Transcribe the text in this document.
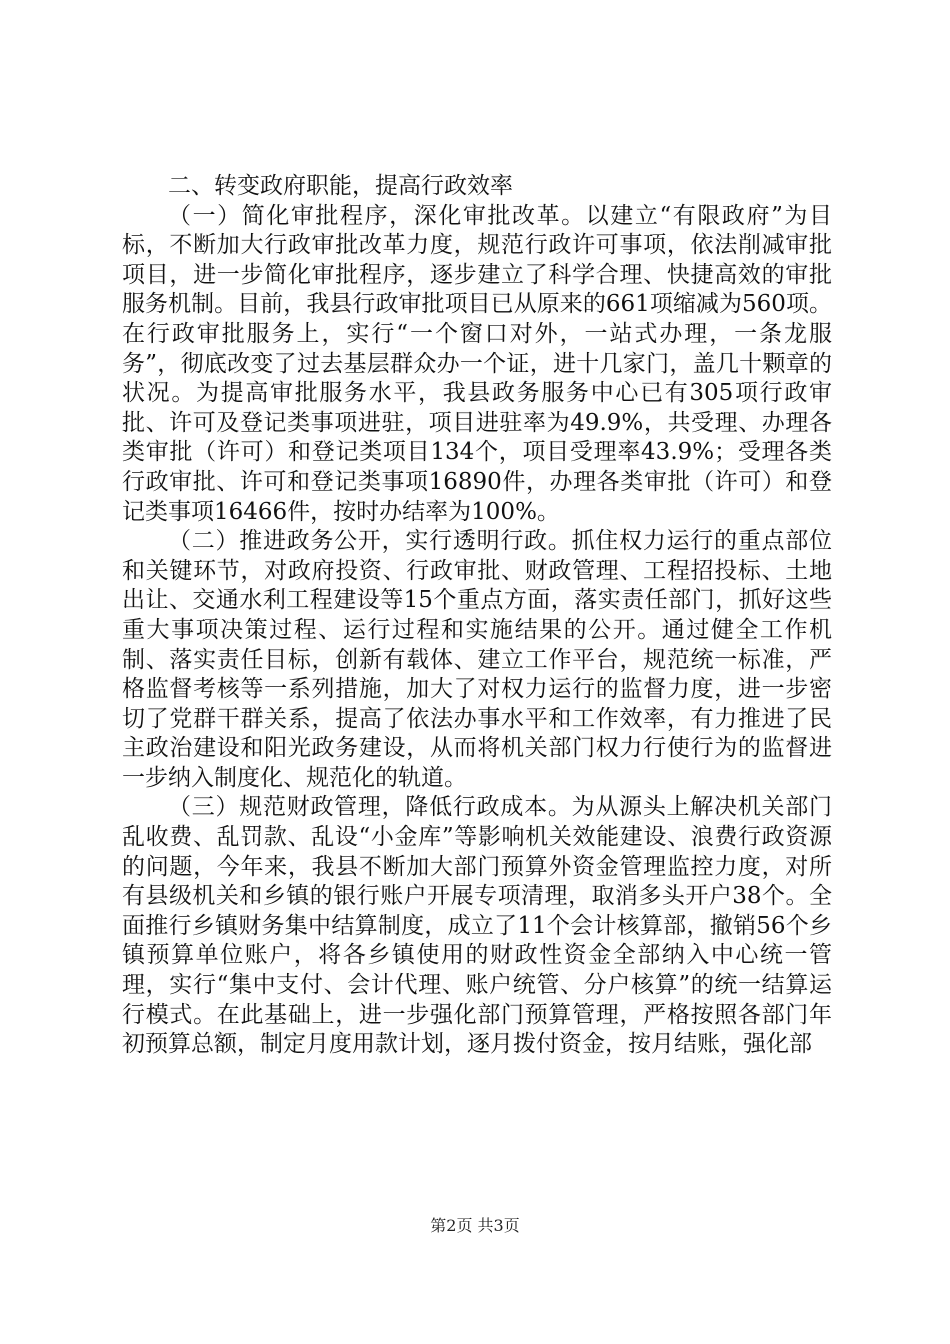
二、转变政府职能，提高行政效率

（一）简化审批程序，深化审批改革。以建立“有限政府”为目标，不断加大行政审批改革力度，规范行政许可事项，依法削减审批项目，进一步简化审批程序，逐步建立了科学合理、快捷高效的审批服务机制。目前，我县行政审批项目已从原来的661项缩减为560项。在行政审批服务上，实行“一个窗口对外，一站式办理，一条龙服务”，彻底改变了过去基层群众办一个证，进十几家门，盖几十颗章的状况。为提高审批服务水平，我县政务服务中心已有305项行政审批、许可及登记类事项进驻，项目进驻率为49.9%，共受理、办理各类审批（许可）和登记类项目134个，项目受理率43.9%；受理各类行政审批、许可和登记类事项16890件，办理各类审批（许可）和登记类事项16466件，按时办结率为100%。

（二）推进政务公开，实行透明行政。抓住权力运行的重点部位和关键环节，对政府投资、行政审批、财政管理、工程招投标、土地出让、交通水利工程建设等15个重点方面，落实责任部门，抓好这些重大事项决策过程、运行过程和实施结果的公开。通过健全工作机制、落实责任目标，创新有载体、建立工作平台，规范统一标准，严格监督考核等一系列措施，加大了对权力运行的监督力度，进一步密切了党群干群关系，提高了依法办事水平和工作效率，有力推进了民主政治建设和阳光政务建设，从而将机关部门权力行使行为的监督进一步纳入制度化、规范化的轨道。

（三）规范财政管理，降低行政成本。为从源头上解决机关部门乱收费、乱罚款、乱设“小金库”等影响机关效能建设、浪费行政资源的问题，今年来，我县不断加大部门预算外资金管理监控力度，对所有县级机关和乡镇的银行账户开展专项清理，取消多头开户38个。全面推行乡镇财务集中结算制度，成立了11个会计核算部，撤销56个乡镇预算单位账户，将各乡镇使用的财政性资金全部纳入中心统一管理，实行“集中支付、会计代理、账户统管、分户核算”的统一结算运行模式。在此基础上，进一步强化部门预算管理，严格按照各部门年初预算总额，制定月度用款计划，逐月拨付资金，按月结账，强化部

第2页 共3页
